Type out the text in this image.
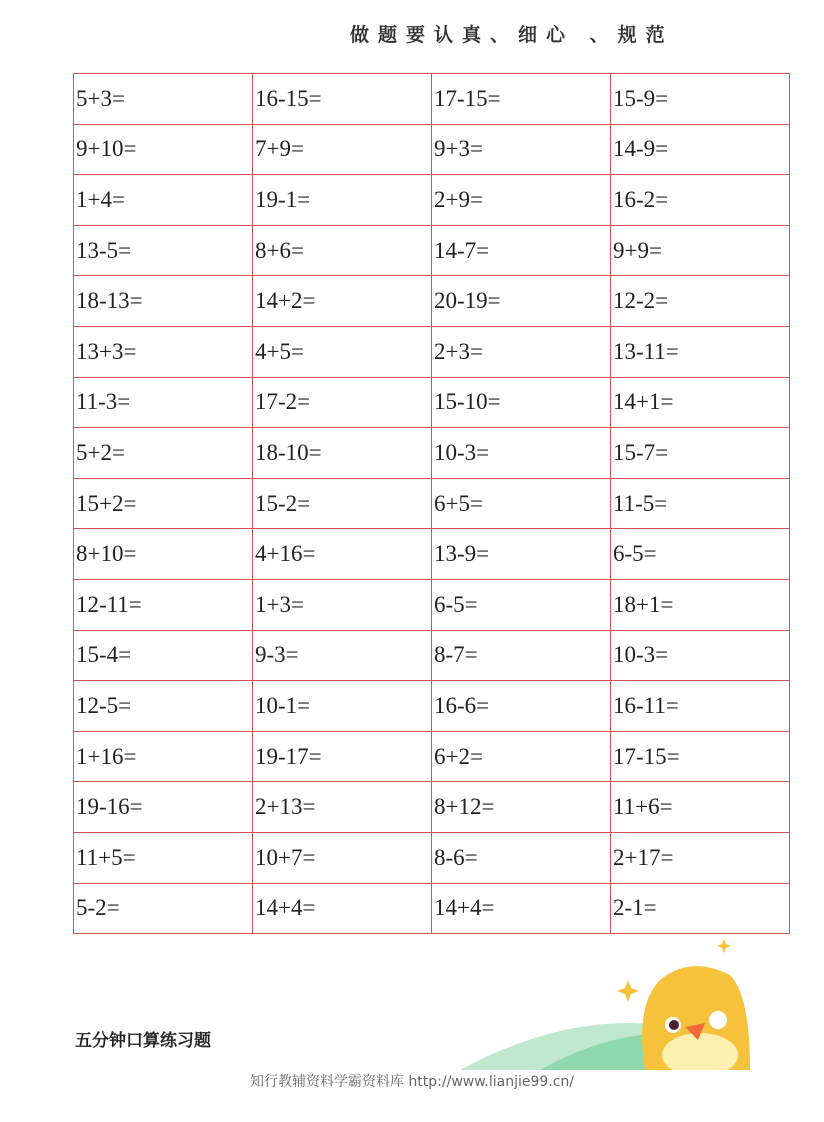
做题要认真、细心 、规范
5+3=	16-15=	17-15=	15-9=
9+10=	7+9=	9+3=	14-9=
1+4=	19-1=	2+9=	16-2=
13-5=	8+6=	14-7=	9+9=
18-13=	14+2=	20-19=	12-2=
13+3=	4+5=	2+3=	13-11=
11-3=	17-2=	15-10=	14+1=
5+2=	18-10=	10-3=	15-7=
15+2=	15-2=	6+5=	11-5=
8+10=	4+16=	13-9=	6-5=
12-11=	1+3=	6-5=	18+1=
15-4=	9-3=	8-7=	10-3=
12-5=	10-1=	16-6=	16-11=
1+16=	19-17=	6+2=	17-15=
19-16=	2+13=	8+12=	11+6=
11+5=	10+7=	8-6=	2+17=
5-2=	14+4=	14+4=	2-1=
五分钟口算练习题
知行教辅资料学霸资料库 http://www.lianjie99.cn/
